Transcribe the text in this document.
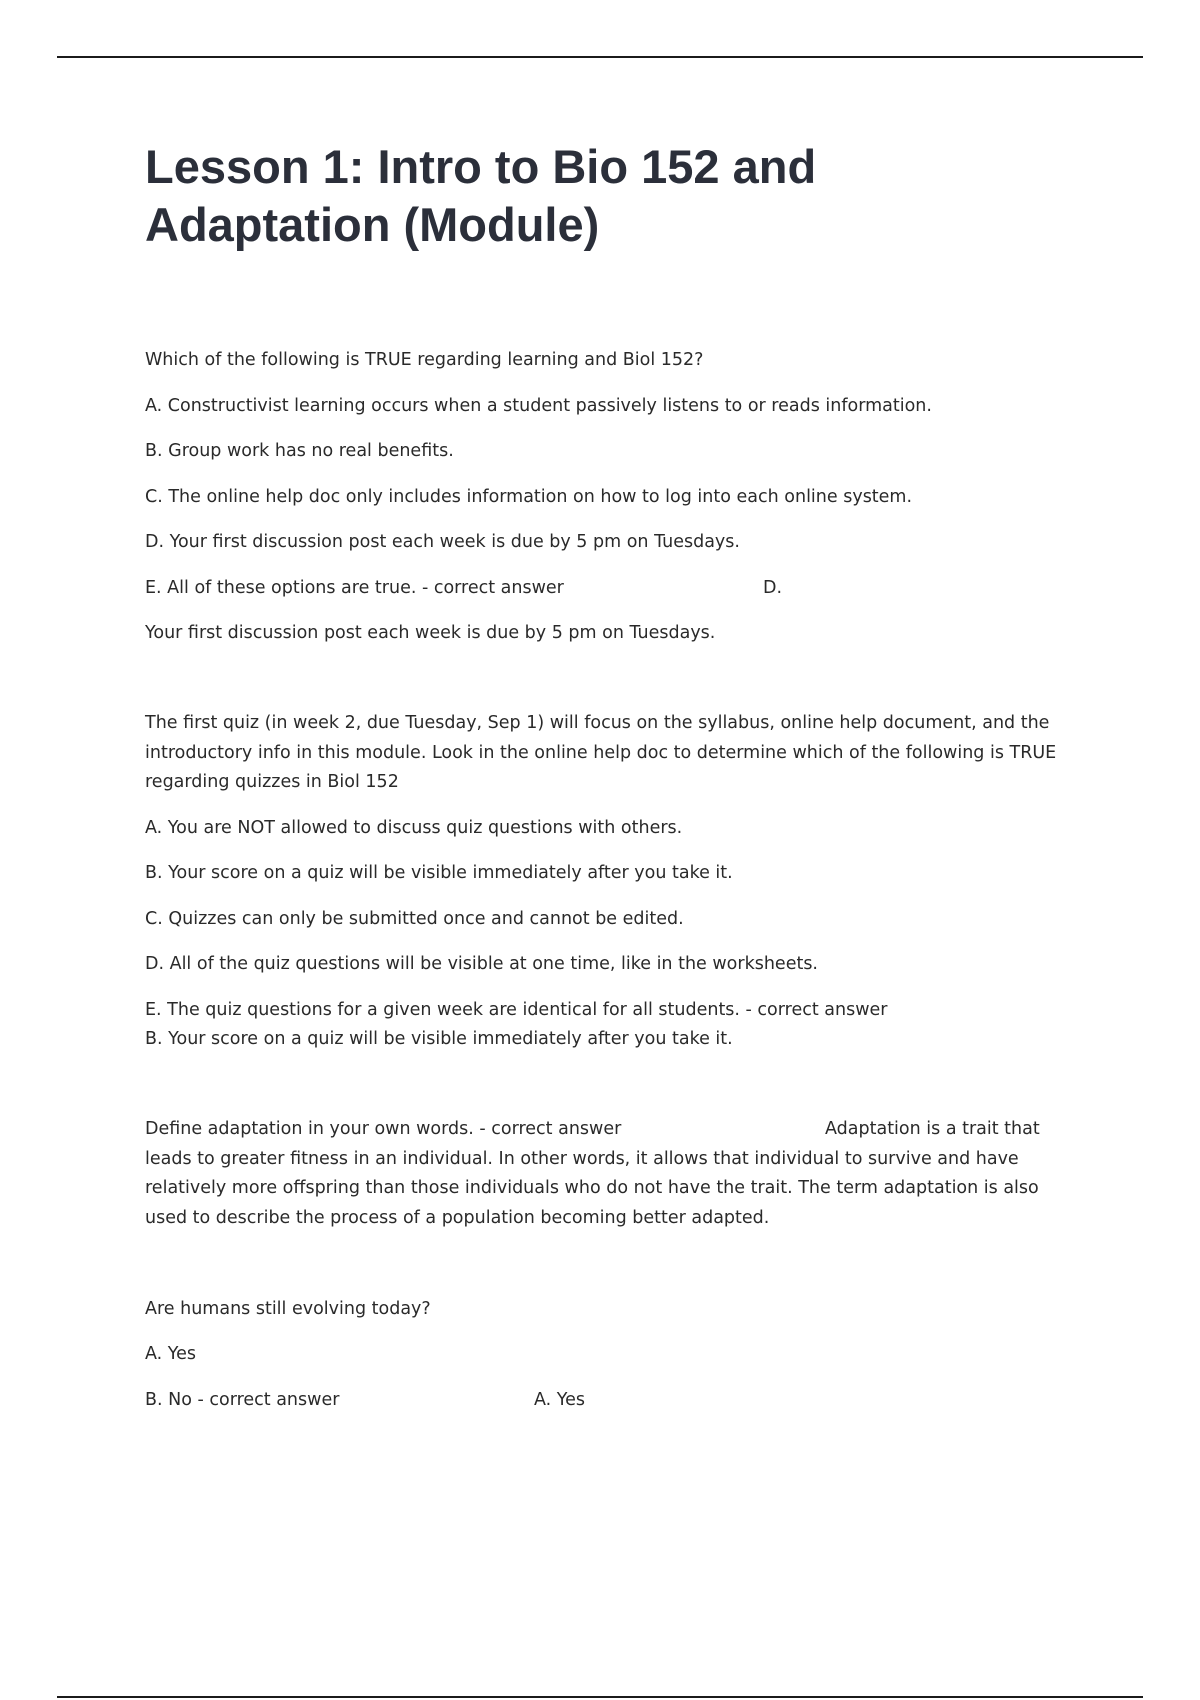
Lesson 1: Intro to Bio 152 and Adaptation (Module)

Which of the following is TRUE regarding learning and Biol 152?

A. Constructivist learning occurs when a student passively listens to or reads information.

B. Group work has no real benefits.

C. The online help doc only includes information on how to log into each online system.

D. Your first discussion post each week is due by 5 pm on Tuesdays.

E. All of these options are true. - correct answer	D.

Your first discussion post each week is due by 5 pm on Tuesdays.

The first quiz (in week 2, due Tuesday, Sep 1) will focus on the syllabus, online help document, and the

introductory info in this module. Look in the online help doc to determine which of the following is TRUE

regarding quizzes in Biol 152

A. You are NOT allowed to discuss quiz questions with others.

B. Your score on a quiz will be visible immediately after you take it.

C. Quizzes can only be submitted once and cannot be edited.

D. All of the quiz questions will be visible at one time, like in the worksheets.

E. The quiz questions for a given week are identical for all students. - correct answer

B. Your score on a quiz will be visible immediately after you take it.

Define adaptation in your own words. - correct answer	Adaptation is a trait that

leads to greater fitness in an individual. In other words, it allows that individual to survive and have

relatively more offspring than those individuals who do not have the trait. The term adaptation is also

used to describe the process of a population becoming better adapted.

Are humans still evolving today?

A. Yes

B. No - correct answer	A. Yes
